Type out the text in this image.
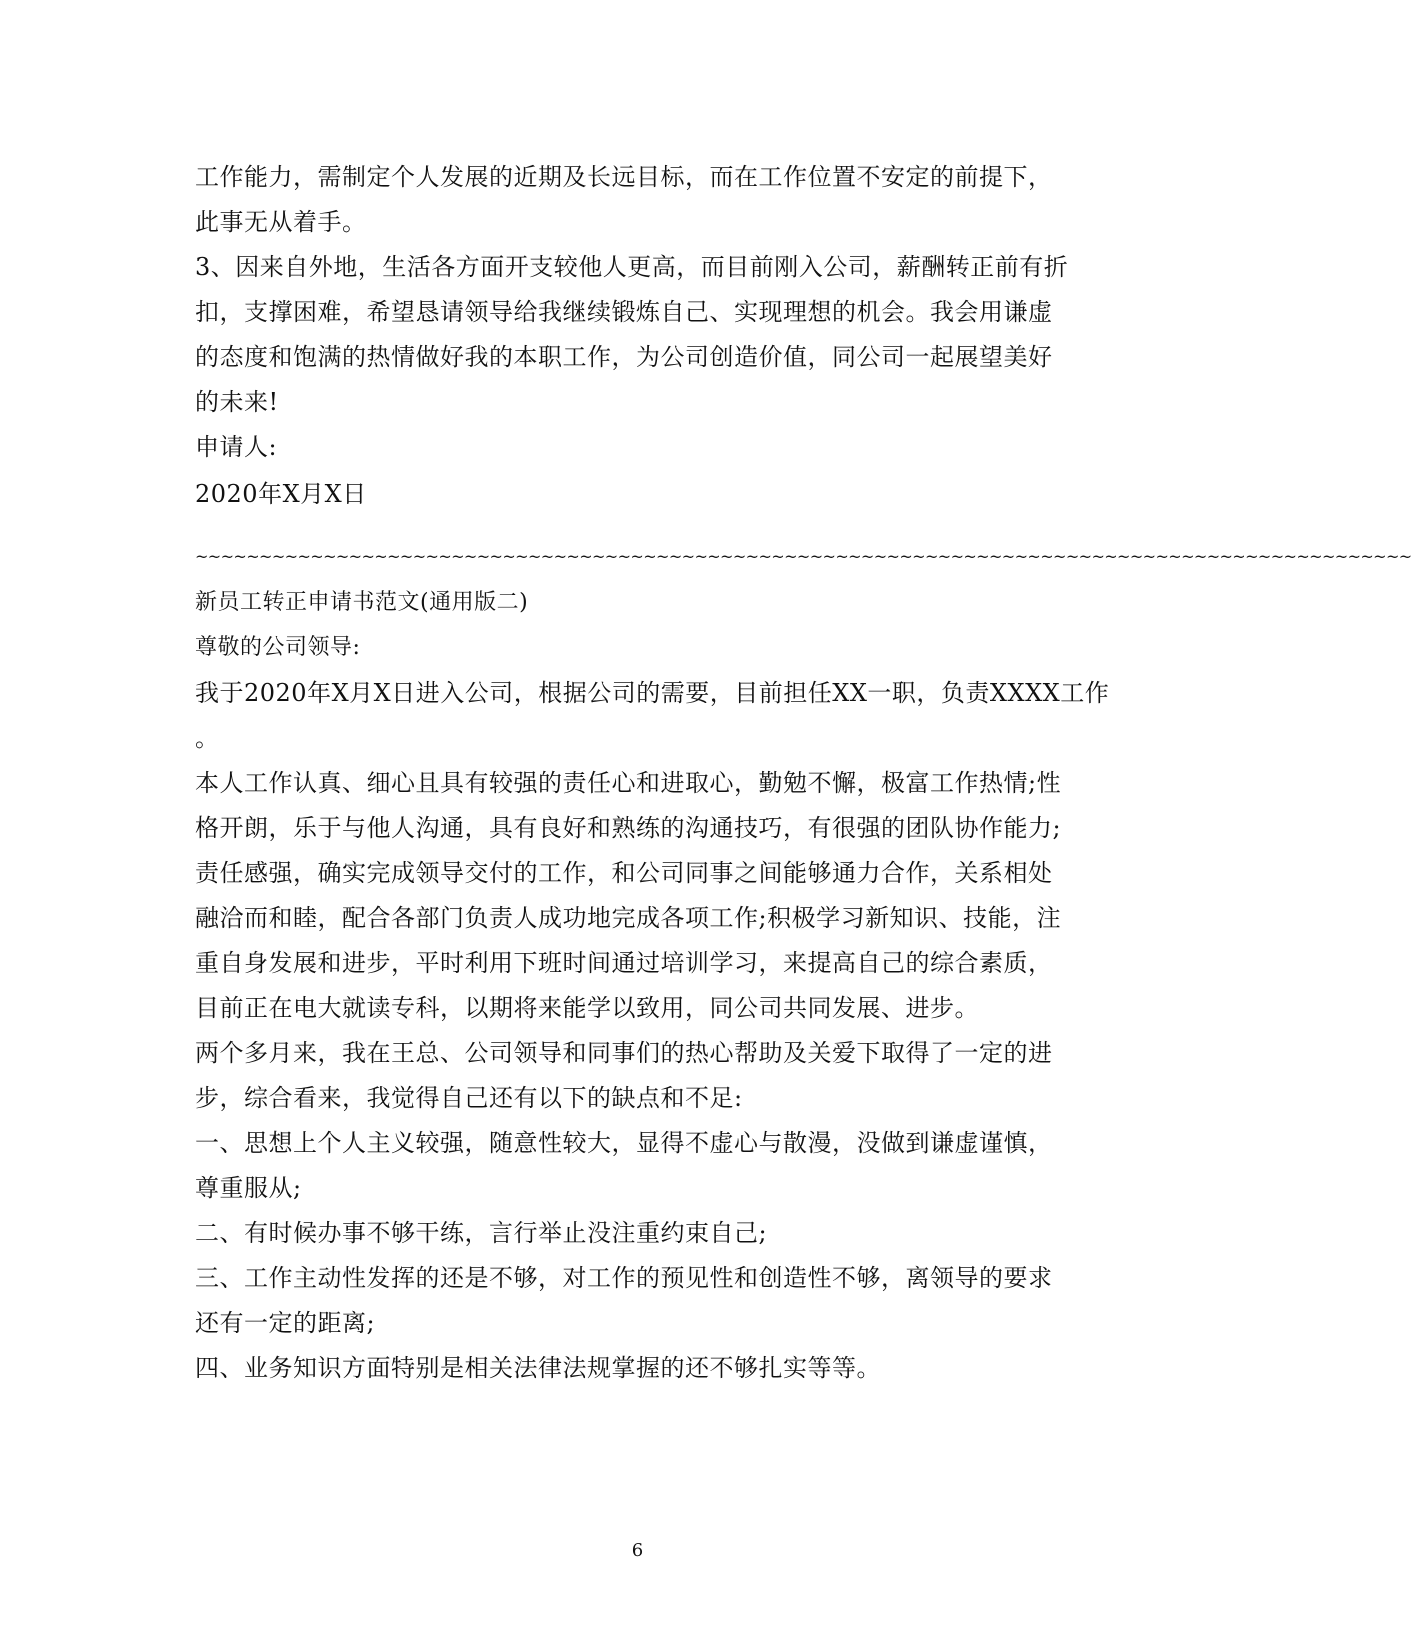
工作能力，需制定个人发展的近期及长远目标，而在工作位置不安定的前提下，
此事无从着手。
3、因来自外地，生活各方面开支较他人更高，而目前刚入公司，薪酬转正前有折
扣，支撑困难，希望恳请领导给我继续锻炼自己、实现理想的机会。我会用谦虚
的态度和饱满的热情做好我的本职工作，为公司创造价值，同公司一起展望美好
的未来!
申请人:
2020年X月X日
~~~~~~~~~~~~~~~~~~~~~~~~~~~~~~~~~~~~~~~~~~~~~~~~~~~~~~~~~~~~~~~~~~~~~~~~~~~~~~~~~~~~~~~~~~~~~~~
新员工转正申请书范文(通用版二)
尊敬的公司领导:
我于2020年X月X日进入公司，根据公司的需要，目前担任XX一职，负责XXXX工作
。
本人工作认真、细心且具有较强的责任心和进取心，勤勉不懈，极富工作热情;性
格开朗，乐于与他人沟通，具有良好和熟练的沟通技巧，有很强的团队协作能力;
责任感强，确实完成领导交付的工作，和公司同事之间能够通力合作，关系相处
融洽而和睦，配合各部门负责人成功地完成各项工作;积极学习新知识、技能，注
重自身发展和进步，平时利用下班时间通过培训学习，来提高自己的综合素质，
目前正在电大就读专科，以期将来能学以致用，同公司共同发展、进步。
两个多月来，我在王总、公司领导和同事们的热心帮助及关爱下取得了一定的进
步，综合看来，我觉得自己还有以下的缺点和不足:
一、思想上个人主义较强，随意性较大，显得不虚心与散漫，没做到谦虚谨慎，
尊重服从;
二、有时候办事不够干练，言行举止没注重约束自己;
三、工作主动性发挥的还是不够，对工作的预见性和创造性不够，离领导的要求
还有一定的距离;
四、业务知识方面特别是相关法律法规掌握的还不够扎实等等。
6
